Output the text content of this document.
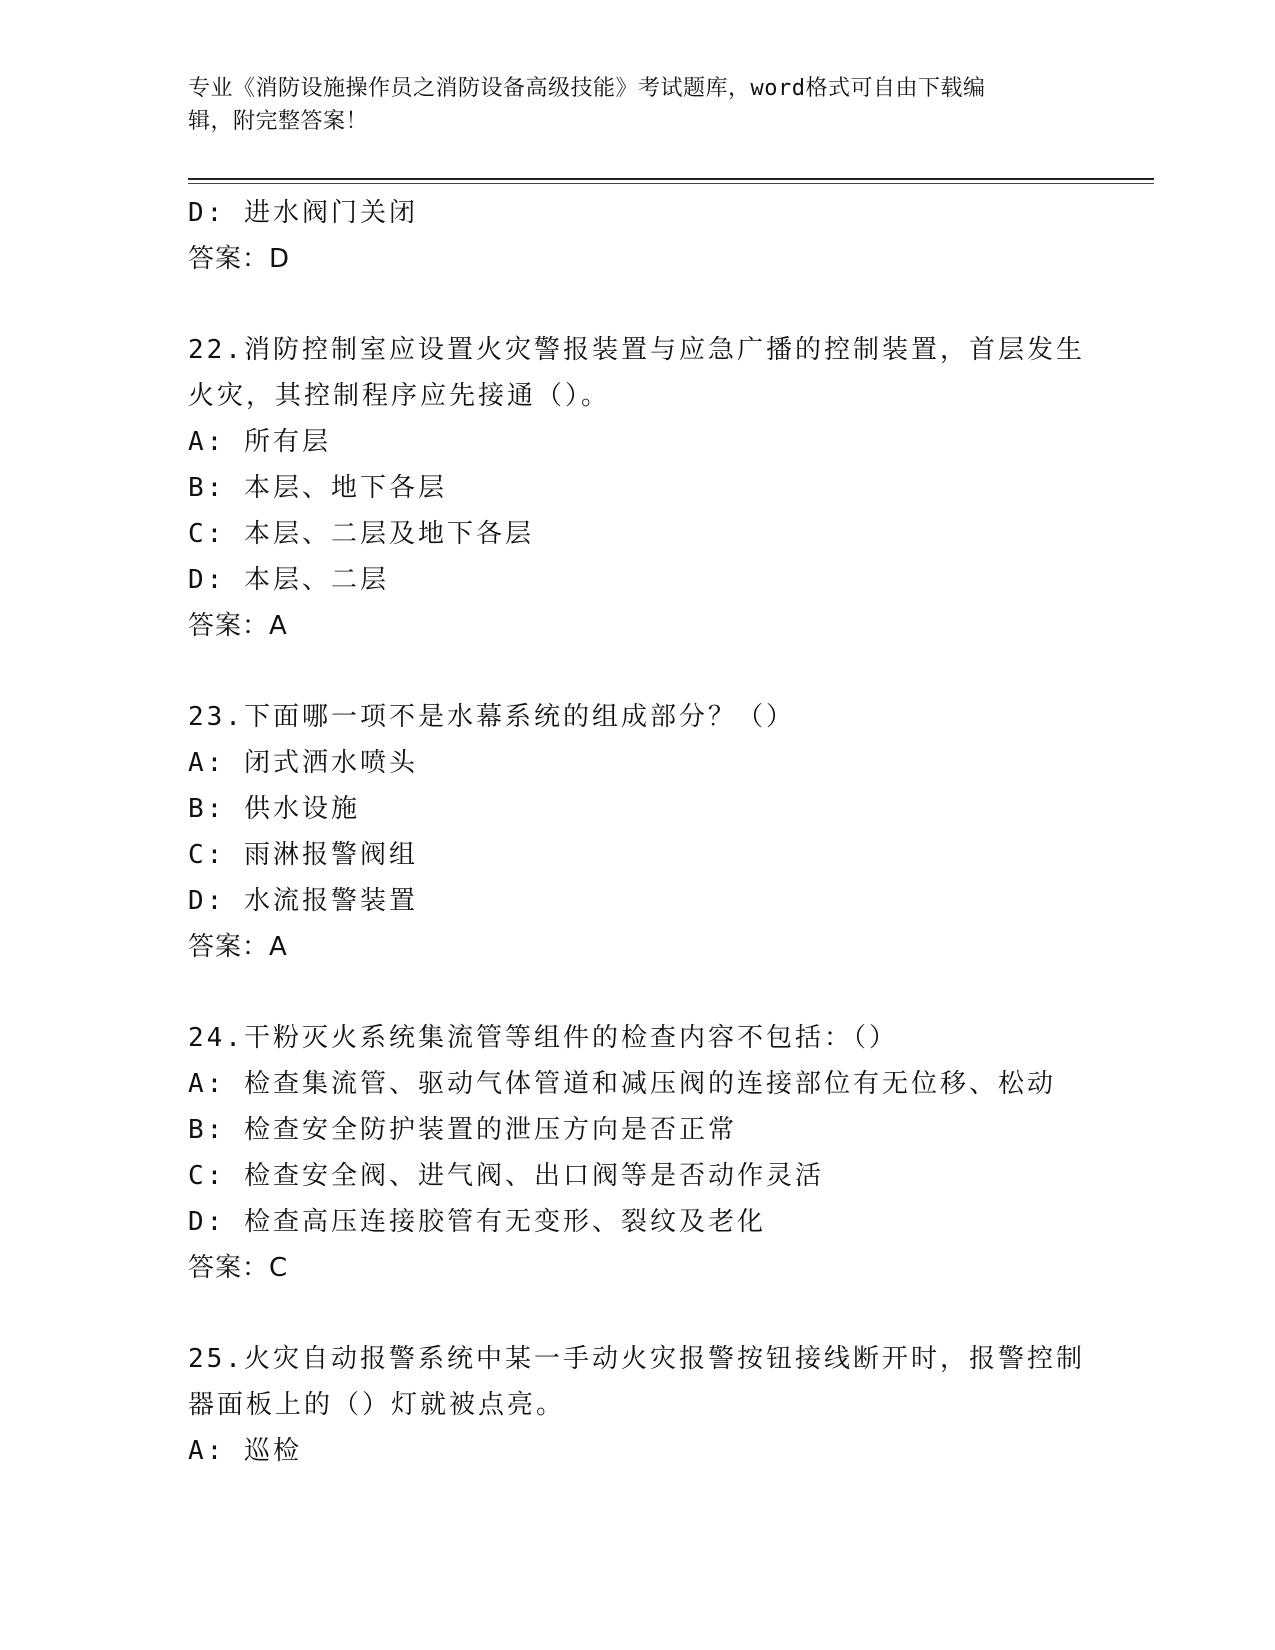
专业《消防设施操作员之消防设备高级技能》考试题库，word格式可自由下载编
辑，附完整答案！
D: 进水阀门关闭
答案：D
22.消防控制室应设置火灾警报装置与应急广播的控制装置，首层发生
火灾，其控制程序应先接通（）。
A: 所有层
B: 本层、地下各层
C: 本层、二层及地下各层
D: 本层、二层
答案：A
23.下面哪一项不是水幕系统的组成部分？（）
A: 闭式洒水喷头
B: 供水设施
C: 雨淋报警阀组
D: 水流报警装置
答案：A
24.干粉灭火系统集流管等组件的检查内容不包括：（）
A: 检查集流管、驱动气体管道和减压阀的连接部位有无位移、松动
B: 检查安全防护装置的泄压方向是否正常
C: 检查安全阀、进气阀、出口阀等是否动作灵活
D: 检查高压连接胶管有无变形、裂纹及老化
答案：C
25.火灾自动报警系统中某一手动火灾报警按钮接线断开时，报警控制
器面板上的（）灯就被点亮。
A: 巡检
